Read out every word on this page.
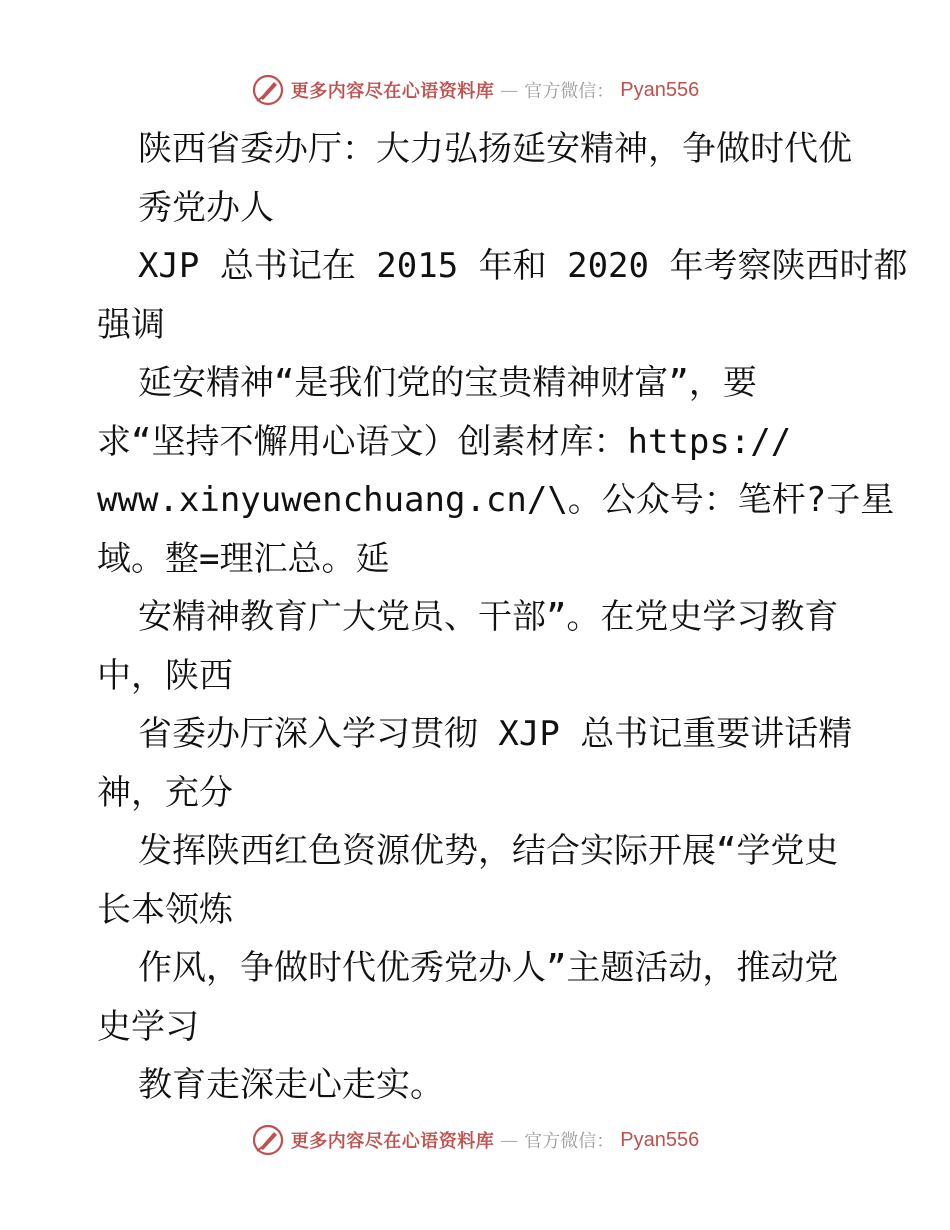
更多内容尽在心语资料库 — 官方微信： Pyan556
陕西省委办厅：大力弘扬延安精神，争做时代优
秀党办人
XJP 总书记在 2015 年和 2020 年考察陕西时都
强调
延安精神“是我们党的宝贵精神财富”，要
求“坚持不懈用心语文）创素材库：https://
www.xinyuwenchuang.cn/\。公众号：笔杆?子星
域。整=理汇总。延
安精神教育广大党员、干部”。在党史学习教育
中，陕西
省委办厅深入学习贯彻 XJP 总书记重要讲话精
神，充分
发挥陕西红色资源优势，结合实际开展“学党史
长本领炼
作风，争做时代优秀党办人”主题活动，推动党
史学习
教育走深走心走实。
更多内容尽在心语资料库 — 官方微信： Pyan556
